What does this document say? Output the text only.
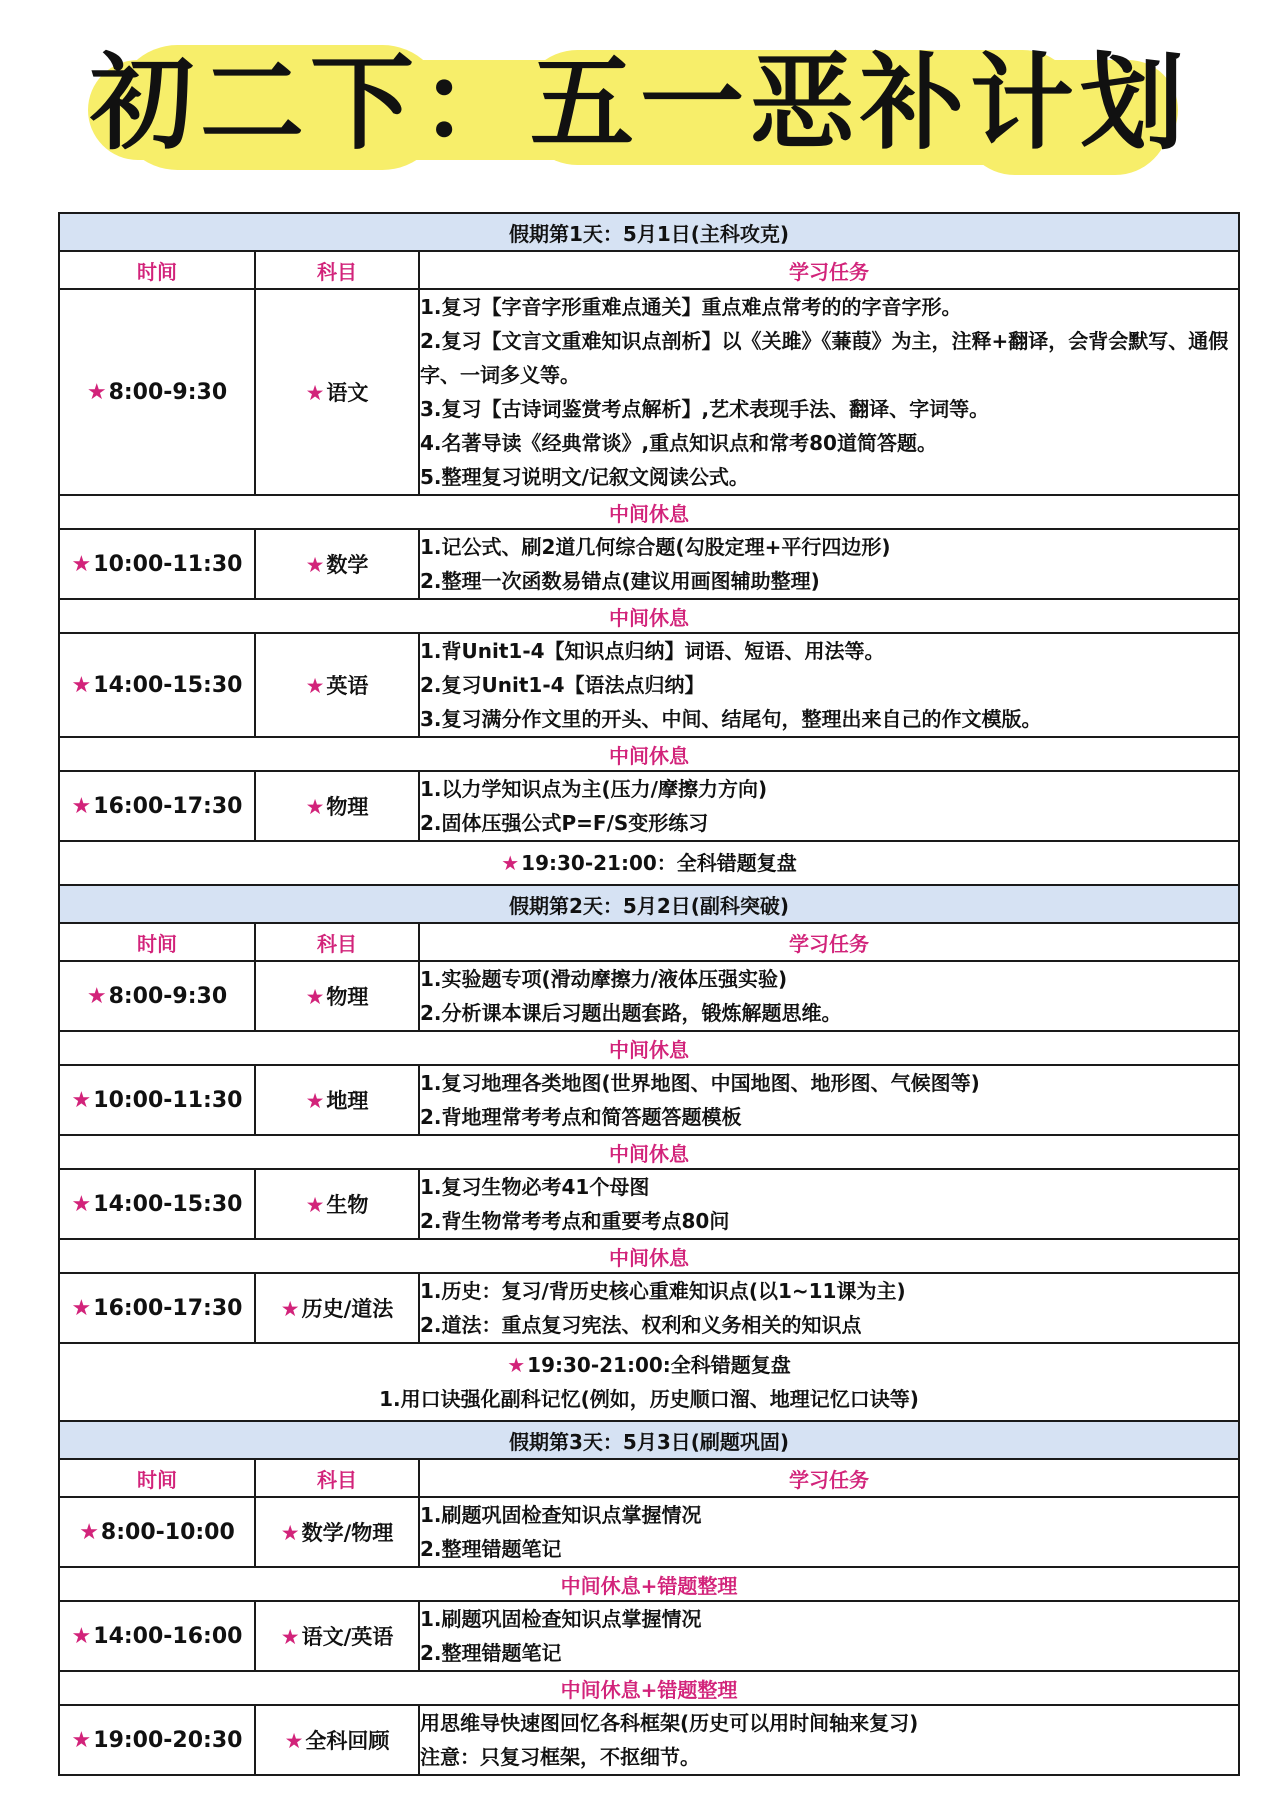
初二下：五一恶补计划
假期第1天：5月1日(主科攻克)		
时间	科目	学习任务
★8:00-9:30	★语文	1.复习【字音字形重难点通关】重点难点常考的的字音字形。
2.复习【文言文重难知识点剖析】以《关雎》《蒹葭》为主，注释+翻译，会背会默写、通假字、一词多义等。
3.复习【古诗词鉴赏考点解析】,艺术表现手法、翻译、字词等。
4.名著导读《经典常谈》,重点知识点和常考80道简答题。
5.整理复习说明文/记叙文阅读公式。

中间休息		
★10:00-11:30	★数学	1.记公式、刷2道几何综合题(勾股定理+平行四边形)
2.整理一次函数易错点(建议用画图辅助整理)

中间休息		
★14:00-15:30	★英语	1.背Unit1-4【知识点归纳】词语、短语、用法等。
2.复习Unit1-4【语法点归纳】
3.复习满分作文里的开头、中间、结尾句，整理出来自己的作文模版。

中间休息		
★16:00-17:30	★物理	1.以力学知识点为主(压力/摩擦力方向)
2.固体压强公式P=F/S变形练习

★ 19:30-21:00：全科错题复盘		

假期第2天：5月2日(副科突破)		
时间	科目	学习任务
★8:00-9:30	★物理	1.实验题专项(滑动摩擦力/液体压强实验)
2.分析课本课后习题出题套路，锻炼解题思维。

中间休息		
★10:00-11:30	★地理	1.复习地理各类地图(世界地图、中国地图、地形图、气候图等)
2.背地理常考考点和简答题答题模板

中间休息		
★14:00-15:30	★生物	1.复习生物必考41个母图
2.背生物常考考点和重要考点80问

中间休息		
★16:00-17:30	★历史/道法	1.历史：复习/背历史核心重难知识点(以1~11课为主)
2.道法：重点复习宪法、权利和义务相关的知识点

★ 19:30-21:00:全科错题复盘
1.用口诀强化副科记忆(例如，历史顺口溜、地理记忆口诀等)		

假期第3天：5月3日(刷题巩固)		
时间	科目	学习任务
★8:00-10:00	★数学/物理	1.刷题巩固检查知识点掌握情况
2.整理错题笔记

中间休息+错题整理		
★14:00-16:00	★语文/英语	1.刷题巩固检查知识点掌握情况
2.整理错题笔记

中间休息+错题整理		
★19:00-20:30	★全科回顾	用思维导快速图回忆各科框架(历史可以用时间轴来复习)
注意：只复习框架，不抠细节。
